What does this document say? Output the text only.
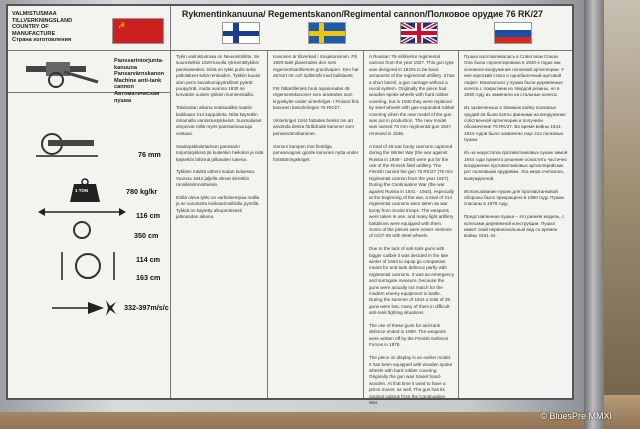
VALMISTUSMAA
TILLVERKNINGSLAND
COUNTRY OF
MANUFACTURE
Страна изготовления
☭
Rykmentinkanuuna/ Regementskanon/Regimental cannon/Полковое орудие 76 RK/27
Panssarintorjunta-
kanuuna
Pansarvärnskanon
Machine anti-tank
cannon
Автоматическая
пушка
76 mm
1 TON	780 kg/kr
116 cm
350 cm
114 cm
163 cm
332-397m/s/c

Tykin valmistusmaa on Neuvostoliitto. Se suunniteltiin 1920-luvulla rykmenttitykiksi panssaseaksi. Siinä on tykki puhti sekä pallolakeet sekä renkaiden. Tykkiin kuului alun perin kuviokumipyörelliset pyörät puupyörät, mutta vuonna 1930 ne korvattiin uusien tykkien kumirenkailla.

Talvisodan aikana sotasaaliksi saatiin kaikkiaan 214 kappaletta. Niitä käytettiin rintamalla varmistustykkeinä. Suomalaiset ampuivat niillä myös panssarivaunuja vastaan.

Ssainrpsklaisrtarinon panssarin torjuntatykkinä jäi kuitenkin heikoksi ja niitä käytettiin lähinnä jalkaväen tukena.

Tykkien määrä väheni sodan kuluessa. Vuonna 1944 jäljellä olevat siirrettiin rannikkolinnoitteisiin.

Esillä oleva tykki on varhaisempaa mallia ja se varustettu kivikaarimallisilla pyörillä. Tykkiä on käytetty alkuperäisesti jatkosodan aikana.

Kanonen är tillverkad i Sovjetunionen. På 1920-talet planerades den som regementsartilleriets grundvapen. Den har ett kort rör och splitsmål med balklavett.

För fältartilleriets bruk reparerades 46 regementskanoner som användes som krypskytte under vinterkriget. I Finland fick kanonen beteckningen 76 RK/27.

Vinterkriget 1944 fattades beslut om att använda dessa föråldrade kanoner som pansarvärnskanoner.

Genom kampen mot fientliga pansarvagnar gjorde kanonen nytta under fortsättningskriget.

A Russian 76-millimetre regimental cannon from the year 1927. This gun type was designed in 1920s to be basic armament of the regimental artillery. It has a short barrel, a gun carriage without a recoil system. Originally the piece had wooden spoke wheels with hard rubber covering, but in 1930 they were replaced by steel wheels with gas-expanded rubber covering when the new model of the gun was put in production. The new model was named 76 mm regimental gun 1927, renewed in 1936.

A total of 46 war booty cannons captured during the Winter War (the war against Russia in 1939 - 1940) were put for the use of the Finnish field artillery. The Finnish named the gun 76 RK/27 (76 mm regimental cannon from the year 1927). During the Continuation War (the war against Russia in 1941 - 1944), especially at the beginning of the war, a total of 214 regimental cannons were taken as war booty from Soviet troops. The weapons were taken in use, and many light artillery battalions were equipped with them. Some of the pieces were newer versions of m/27-39 with steel wheels.

Due to the lack of anti-tank guns with bigger calibre it was decided in the late winter of 1944 to equip go companies meant for anti-tank defence partly with regimental cannons. It was an emergency and surrogate measure, because the guns were actually not match for the modern enemy equipment in battle. During the summer of 1944 a total of 29 guns were lost, many of them in difficult anti-tank fighting situations.

The use of these guns for anti-tank defence ended in 1960. The weapons were written off by the Finnish Defence Forces in 1978.

The piece on display is an earlier model. It has been equipped with wooden spoke wheels with hard rubber covering. Originally the gun was Soviet hand-wooden. At that time it used to have a primo mover, as well. The gun has its original outlook from the Continuation War.

Пушка изготавливалась в Советском Союзе. Она была спроектирована в 1920-х годах как основное вооружение полковой артиллерии. У нее короткий ствол и однобалочный щитовой лафет. Изначально у пушки были деревянные колеса с покрытием из твердой резины, но в 1930 году их заменили на стальные колеса.

Из захваченных в Зимнюю войну полковых орудий 46 были взяты финнами на вооружение собственной артиллерии и получили обозначение 76 RK/27. Во время войны 1941-1944 годов было захвачено еще 214 полковых пушки.

Из-за недостатка противотанковых пушек зимой 1944 года принято решение оснастить частично вооружение противотанковых артиллерийских рот полковыми орудиями. Эта мера считалась вынужденной.

Использование пушек для противотанковой обороны было прекращено в 1960 году. Пушки списаны в 1978 году.

Представленная пушка – это ранняя модель, с колесами деревянной конструкции. Пушка имеет свой первоначальный вид со времен войны 1941-44.

© BluesPre MMXI
